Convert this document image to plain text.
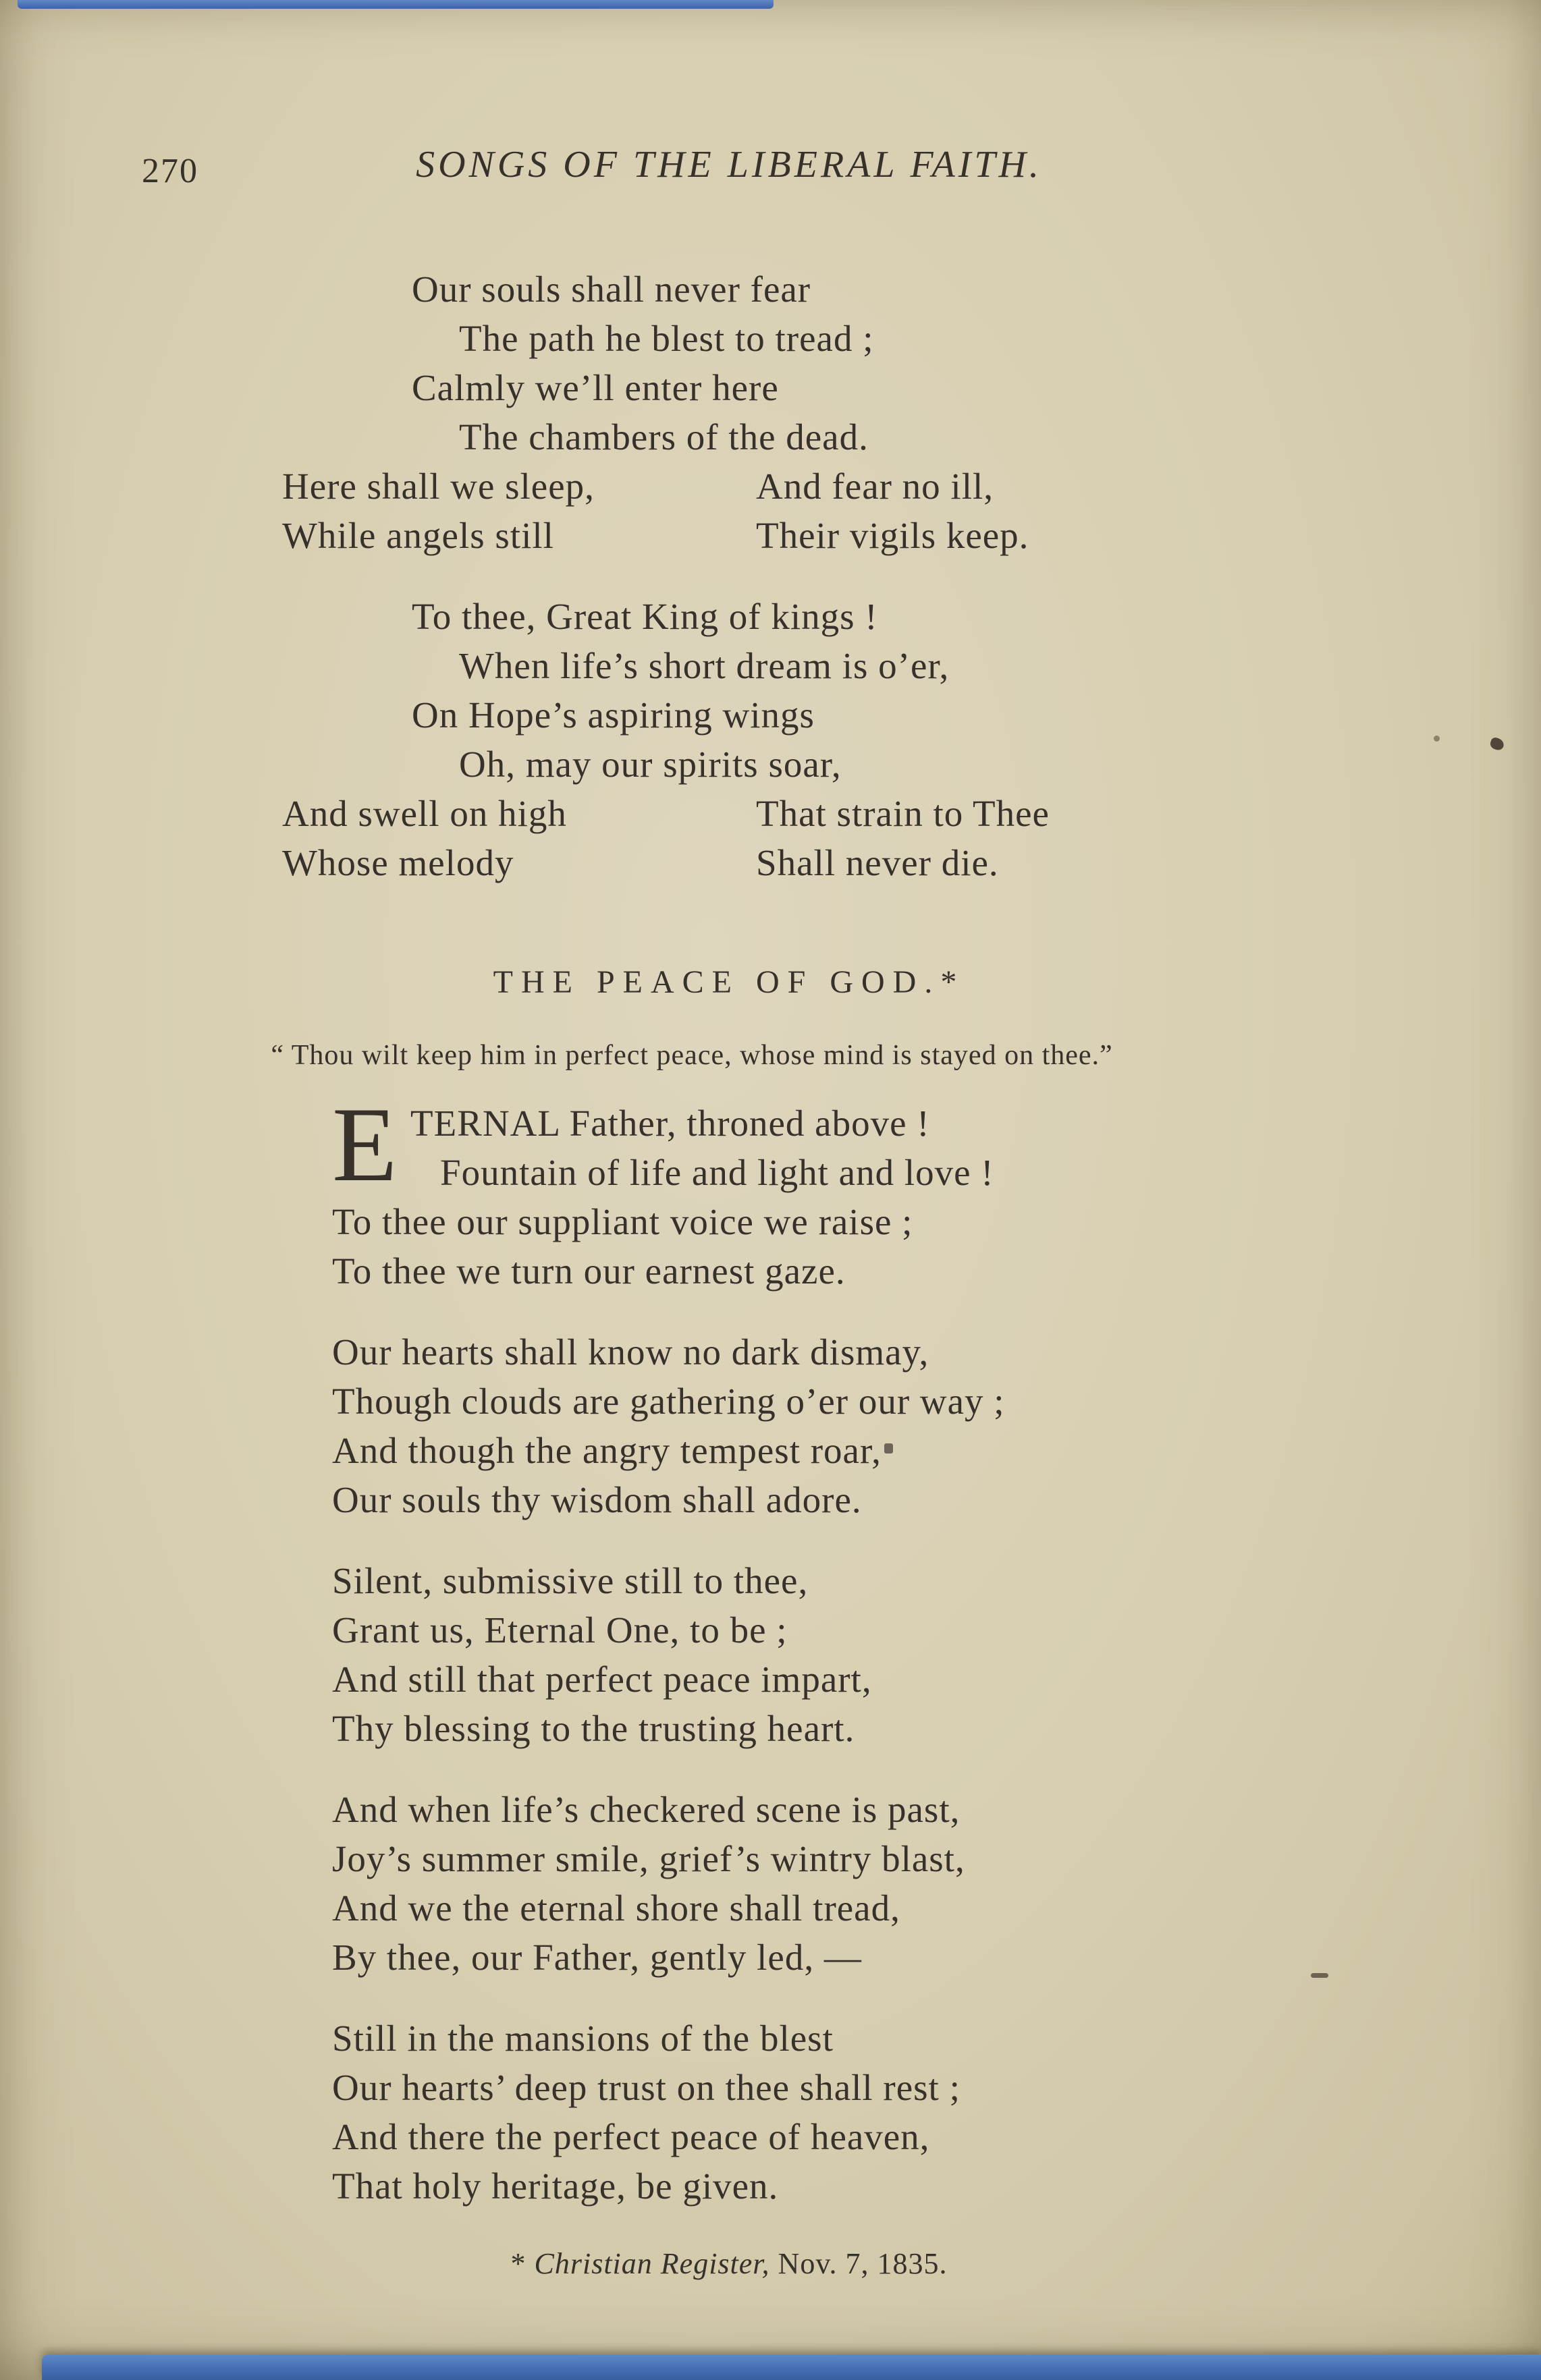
270	SONGS OF THE LIBERAL FAITH.
Our souls shall never fear
The path he blest to tread ;
Calmly we’ll enter here
The chambers of the dead.
Here shall we sleep,	And fear no ill,
While angels still	Their vigils keep.
To thee, Great King of kings !
When life’s short dream is o’er,
On Hope’s aspiring wings
Oh, may our spirits soar,
And swell on high	That strain to Thee
Whose melody	Shall never die.
THE PEACE OF GOD.*

“ Thou wilt keep him in perfect peace, whose mind is stayed on thee.”

E TERNAL Father, throned above !
Fountain of life and light and love !
To thee our suppliant voice we raise ;
To thee we turn our earnest gaze.
Our hearts shall know no dark dismay,
Though clouds are gathering o’er our way ;
And though the angry tempest roar,
Our souls thy wisdom shall adore.
Silent, submissive still to thee,
Grant us, Eternal One, to be ;
And still that perfect peace impart,
Thy blessing to the trusting heart.
And when life’s checkered scene is past,
Joy’s summer smile, grief’s wintry blast,
And we the eternal shore shall tread,
By thee, our Father, gently led, —
Still in the mansions of the blest
Our hearts’ deep trust on thee shall rest ;
And there the perfect peace of heaven,
That holy heritage, be given.

* Christian Register, Nov. 7, 1835.
